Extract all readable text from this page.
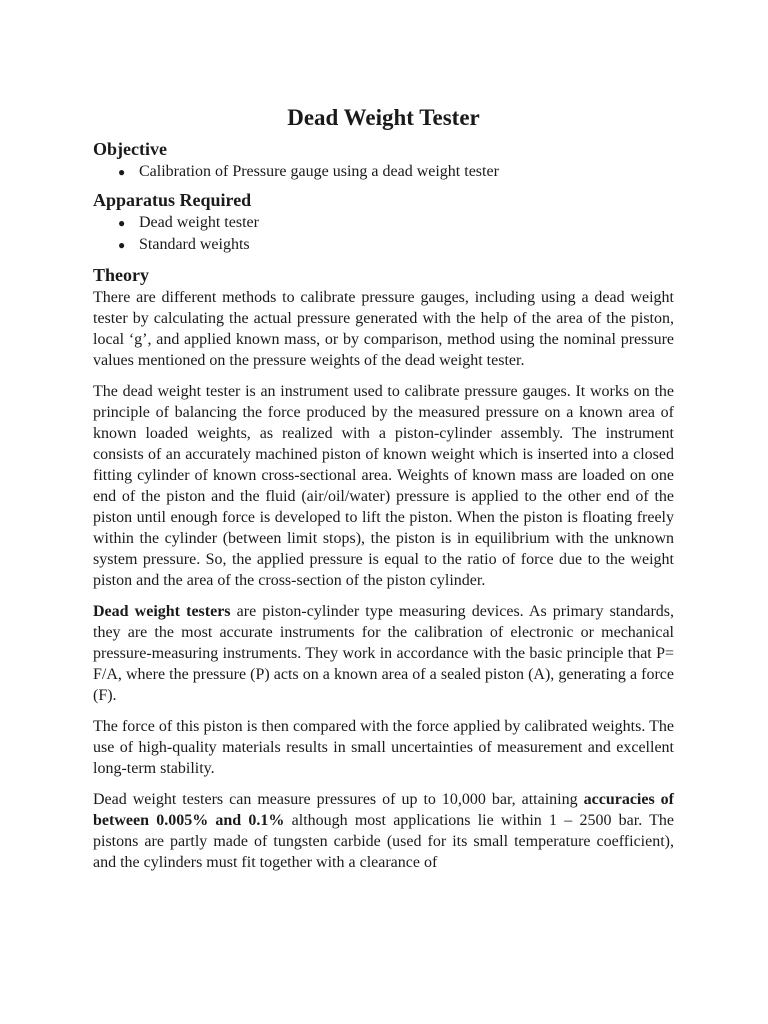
Dead Weight Tester
Objective
● Calibration of Pressure gauge using a dead weight tester
Apparatus Required
● Dead weight tester
● Standard weights
Theory

There are different methods to calibrate pressure gauges, including using a dead weight tester by calculating the actual pressure generated with the help of the area of the piston, local ‘g’, and applied known mass, or by comparison, method using the nominal pressure values mentioned on the pressure weights of the dead weight tester.

The dead weight tester is an instrument used to calibrate pressure gauges. It works on the principle of balancing the force produced by the measured pressure on a known area of known loaded weights, as realized with a piston-cylinder assembly. The instrument consists of an accurately machined piston of known weight which is inserted into a closed fitting cylinder of known cross-sectional area. Weights of known mass are loaded on one end of the piston and the fluid (air/oil/water) pressure is applied to the other end of the piston until enough force is developed to lift the piston. When the piston is floating freely within the cylinder (between limit stops), the piston is in equilibrium with the unknown system pressure. So, the applied pressure is equal to the ratio of force due to the weight piston and the area of the cross-section of the piston cylinder.

Dead weight testers are piston-cylinder type measuring devices. As primary standards, they are the most accurate instruments for the calibration of electronic or mechanical pressure-measuring instruments. They work in accordance with the basic principle that P= F/A, where the pressure (P) acts on a known area of a sealed piston (A), generating a force (F).

The force of this piston is then compared with the force applied by calibrated weights. The use of high-quality materials results in small uncertainties of measurement and excellent long-term stability.

Dead weight testers can measure pressures of up to 10,000 bar, attaining accuracies of between 0.005% and 0.1% although most applications lie within 1 – 2500 bar. The pistons are partly made of tungsten carbide (used for its small temperature coefficient), and the cylinders must fit together with a clearance of
